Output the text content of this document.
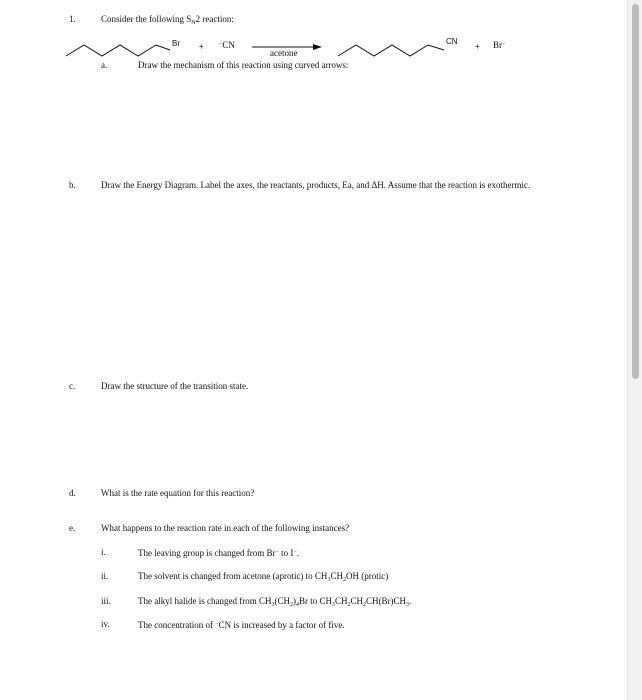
1.	Consider the following $S_N2$ reaction:
Br +	−CN
acetone
CN
+ Br−
a.	Draw the mechanism of this reaction using curved arrows:
b.	Draw the Energy Diagram. Label the axes, the reactants, products, Ea, and ΔH. Assume that the reaction is exothermic.
c.	Draw the structure of the transition state.
d.	What is the rate equation for this reaction?
e.	What happens to the reaction rate in each of the following instances?
i.	The leaving group is changed from Br− to I−.
ii.	The solvent is changed from acetone (aprotic) to $CH_3CH_2OH$ (protic)
iii.	The alkyl halide is changed from $CH_3(CH_2)_4Br$ to $CH_3CH_2CH_2CH(Br)CH_3$.
iv.	The concentration of −CN is increased by a factor of five.
